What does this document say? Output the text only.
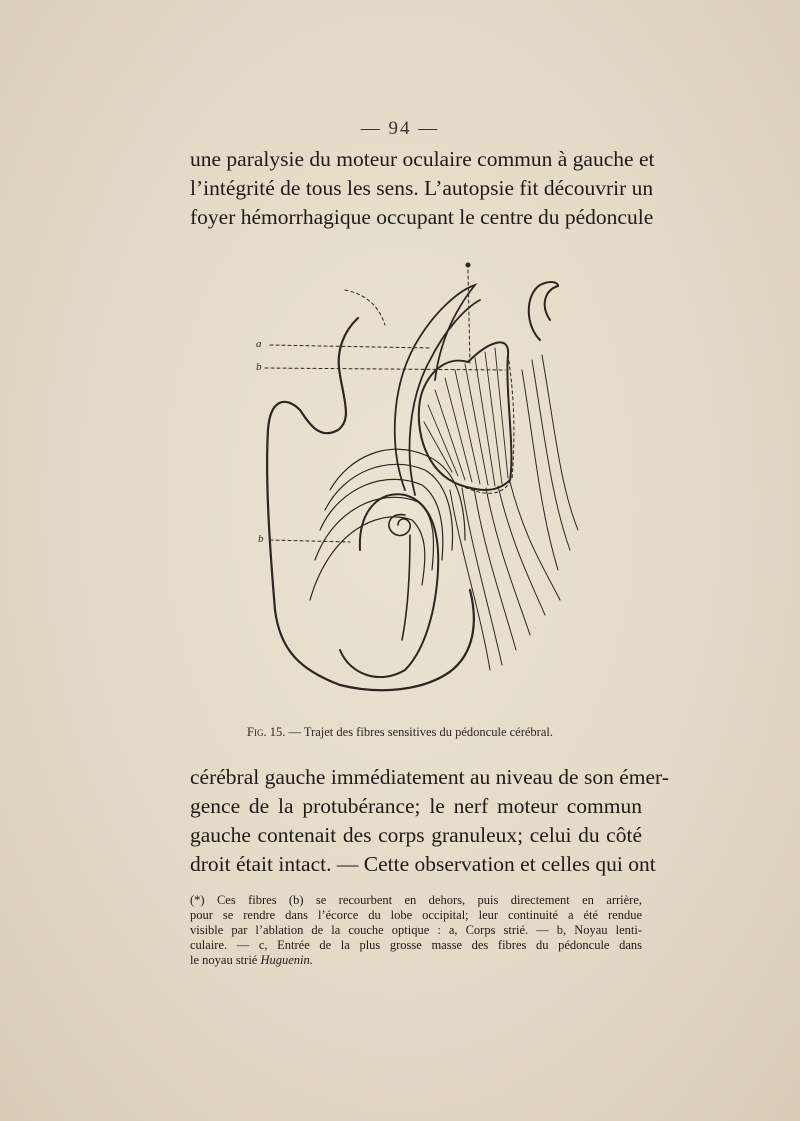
— 94 —
une paralysie du moteur oculaire commun à gauche et
l’intégrité de tous les sens. L’autopsie fit découvrir un
foyer hémorrhagique occupant le centre du pédoncule
a
b
b
Fig. 15. — Trajet des fibres sensitives du pédoncule cérébral.
cérébral gauche immédiatement au niveau de son émer-
gence de la protubérance; le nerf moteur commun
gauche contenait des corps granuleux; celui du côté
droit était intact. — Cette observation et celles qui ont
(*) Ces fibres (b) se recourbent en dehors, puis directement en arrière,
pour se rendre dans l’écorce du lobe occipital; leur continuité a été rendue
visible par l’ablation de la couche optique : a, Corps strié. — b, Noyau lenti-
culaire. — c, Entrée de la plus grosse masse des fibres du pédoncule dans
le noyau strié Huguenin.
